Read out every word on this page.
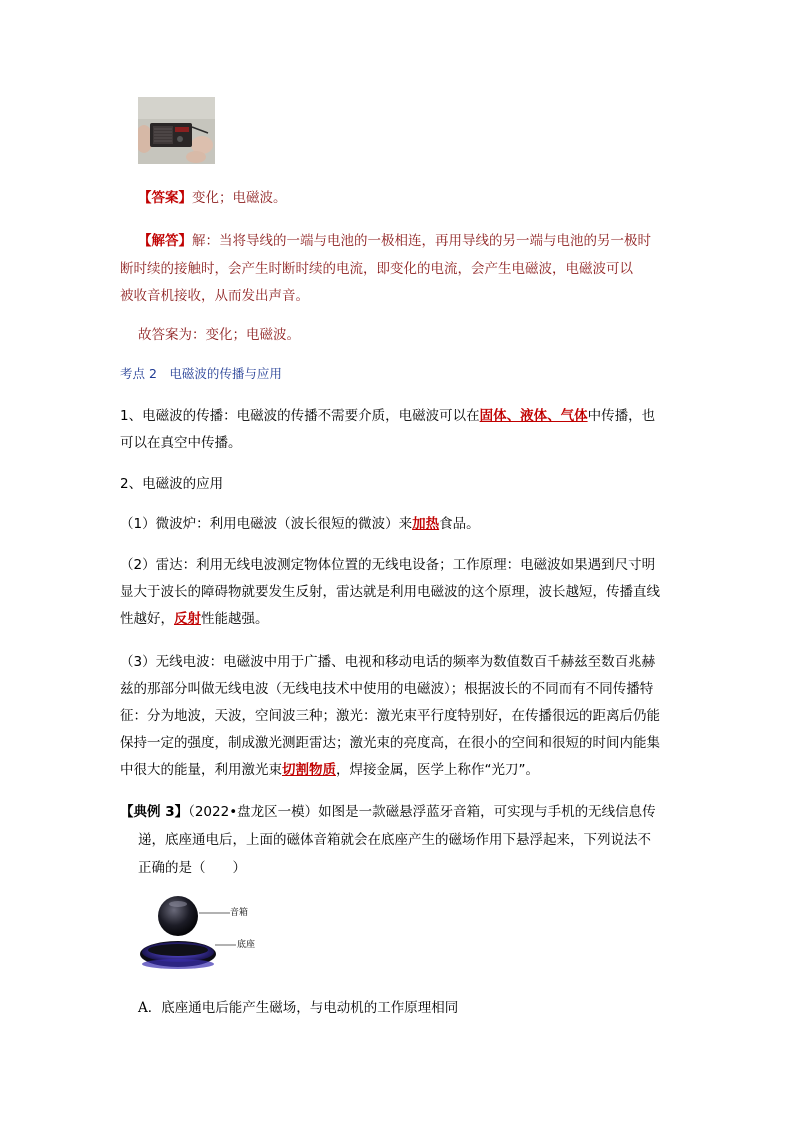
【答案】变化；电磁波。
【解答】解：当将导线的一端与电池的一极相连，再用导线的另一端与电池的另一极时
断时续的接触时，会产生时断时续的电流，即变化的电流，会产生电磁波，电磁波可以
被收音机接收，从而发出声音。
故答案为：变化；电磁波。
考点 2　电磁波的传播与应用
1、电磁波的传播：电磁波的传播不需要介质，电磁波可以在固体、液体、气体中传播，也
可以在真空中传播。
2、电磁波的应用
（1）微波炉：利用电磁波（波长很短的微波）来加热食品。
（2）雷达：利用无线电波测定物体位置的无线电设备；工作原理：电磁波如果遇到尺寸明
显大于波长的障碍物就要发生反射，雷达就是利用电磁波的这个原理，波长越短，传播直线
性越好，反射性能越强。
（3）无线电波：电磁波中用于广播、电视和移动电话的频率为数值数百千赫兹至数百兆赫
兹的那部分叫做无线电波（无线电技术中使用的电磁波）；根据波长的不同而有不同传播特
征：分为地波，天波，空间波三种；激光：激光束平行度特别好，在传播很远的距离后仍能
保持一定的强度，制成激光测距雷达；激光束的亮度高，在很小的空间和很短的时间内能集
中很大的能量，利用激光束切割物质，焊接金属，医学上称作“光刀”。
【典例 3】（2022•盘龙区一模）如图是一款磁悬浮蓝牙音箱，可实现与手机的无线信息传
递，底座通电后，上面的磁体音箱就会在底座产生的磁场作用下悬浮起来，下列说法不
正确的是（　　）
音箱
底座
A．底座通电后能产生磁场，与电动机的工作原理相同
